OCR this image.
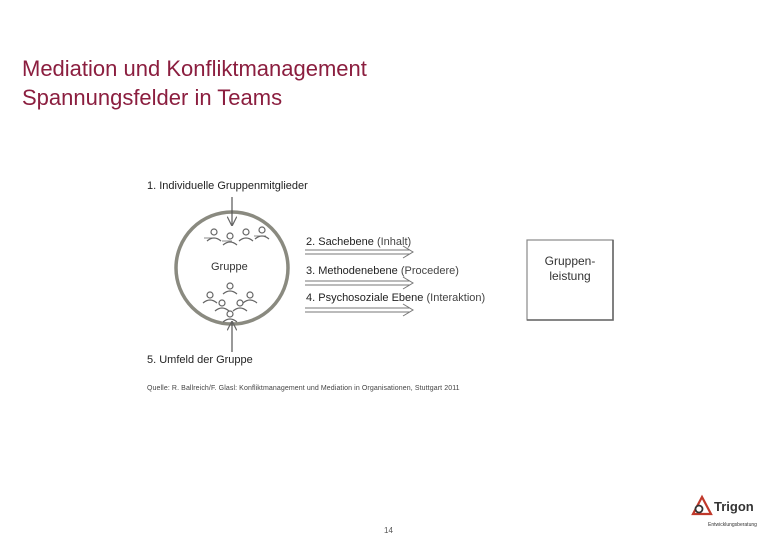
Mediation und Konfliktmanagement
Spannungsfelder in Teams
1. Individuelle Gruppenmitglieder
Gruppe
2. Sachebene (Inhalt)
3. Methodenebene (Procedere)
4. Psychosoziale Ebene (Interaktion)
5. Umfeld der Gruppe
Gruppen-
leistung
Quelle: R. Ballreich/F. Glasl: Konfliktmanagement und Mediation in Organisationen, Stuttgart 2011
14
Trigon
Entwicklungsberatung
